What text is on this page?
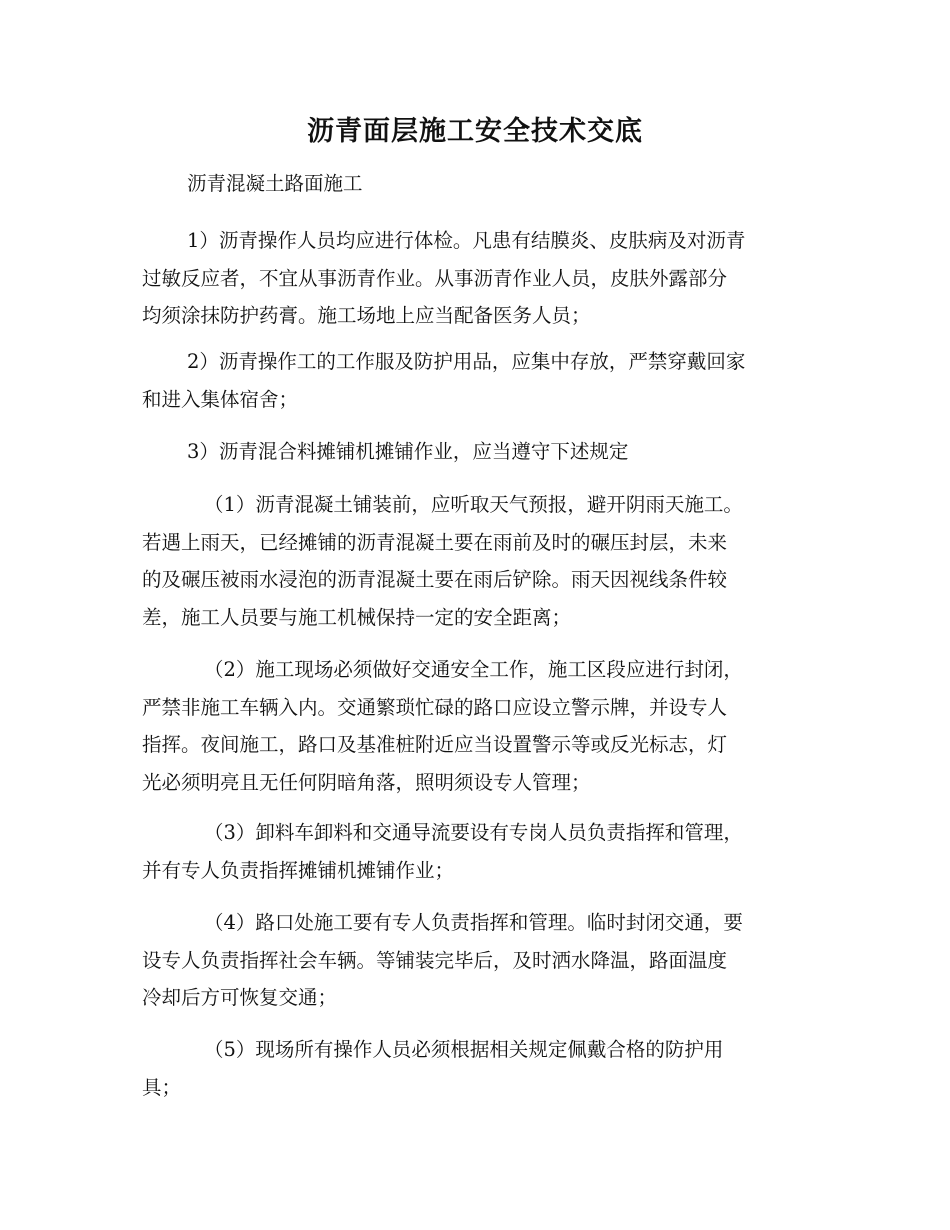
沥青面层施工安全技术交底
沥青混凝土路面施工
1）沥青操作人员均应进行体检。凡患有结膜炎、皮肤病及对沥青
过敏反应者，不宜从事沥青作业。从事沥青作业人员，皮肤外露部分
均须涂抹防护药膏。施工场地上应当配备医务人员；
2）沥青操作工的工作服及防护用品，应集中存放，严禁穿戴回家
和进入集体宿舍；
3）沥青混合料摊铺机摊铺作业，应当遵守下述规定
（1）沥青混凝土铺装前，应听取天气预报，避开阴雨天施工。
若遇上雨天，已经摊铺的沥青混凝土要在雨前及时的碾压封层，未来
的及碾压被雨水浸泡的沥青混凝土要在雨后铲除。雨天因视线条件较
差，施工人员要与施工机械保持一定的安全距离；
（2）施工现场必须做好交通安全工作，施工区段应进行封闭，
严禁非施工车辆入内。交通繁琐忙碌的路口应设立警示牌，并设专人
指挥。夜间施工，路口及基准桩附近应当设置警示等或反光标志，灯
光必须明亮且无任何阴暗角落，照明须设专人管理；
（3）卸料车卸料和交通导流要设有专岗人员负责指挥和管理，
并有专人负责指挥摊铺机摊铺作业；
（4）路口处施工要有专人负责指挥和管理。临时封闭交通，要
设专人负责指挥社会车辆。等铺装完毕后，及时洒水降温，路面温度
冷却后方可恢复交通；
（5）现场所有操作人员必须根据相关规定佩戴合格的防护用
具；
